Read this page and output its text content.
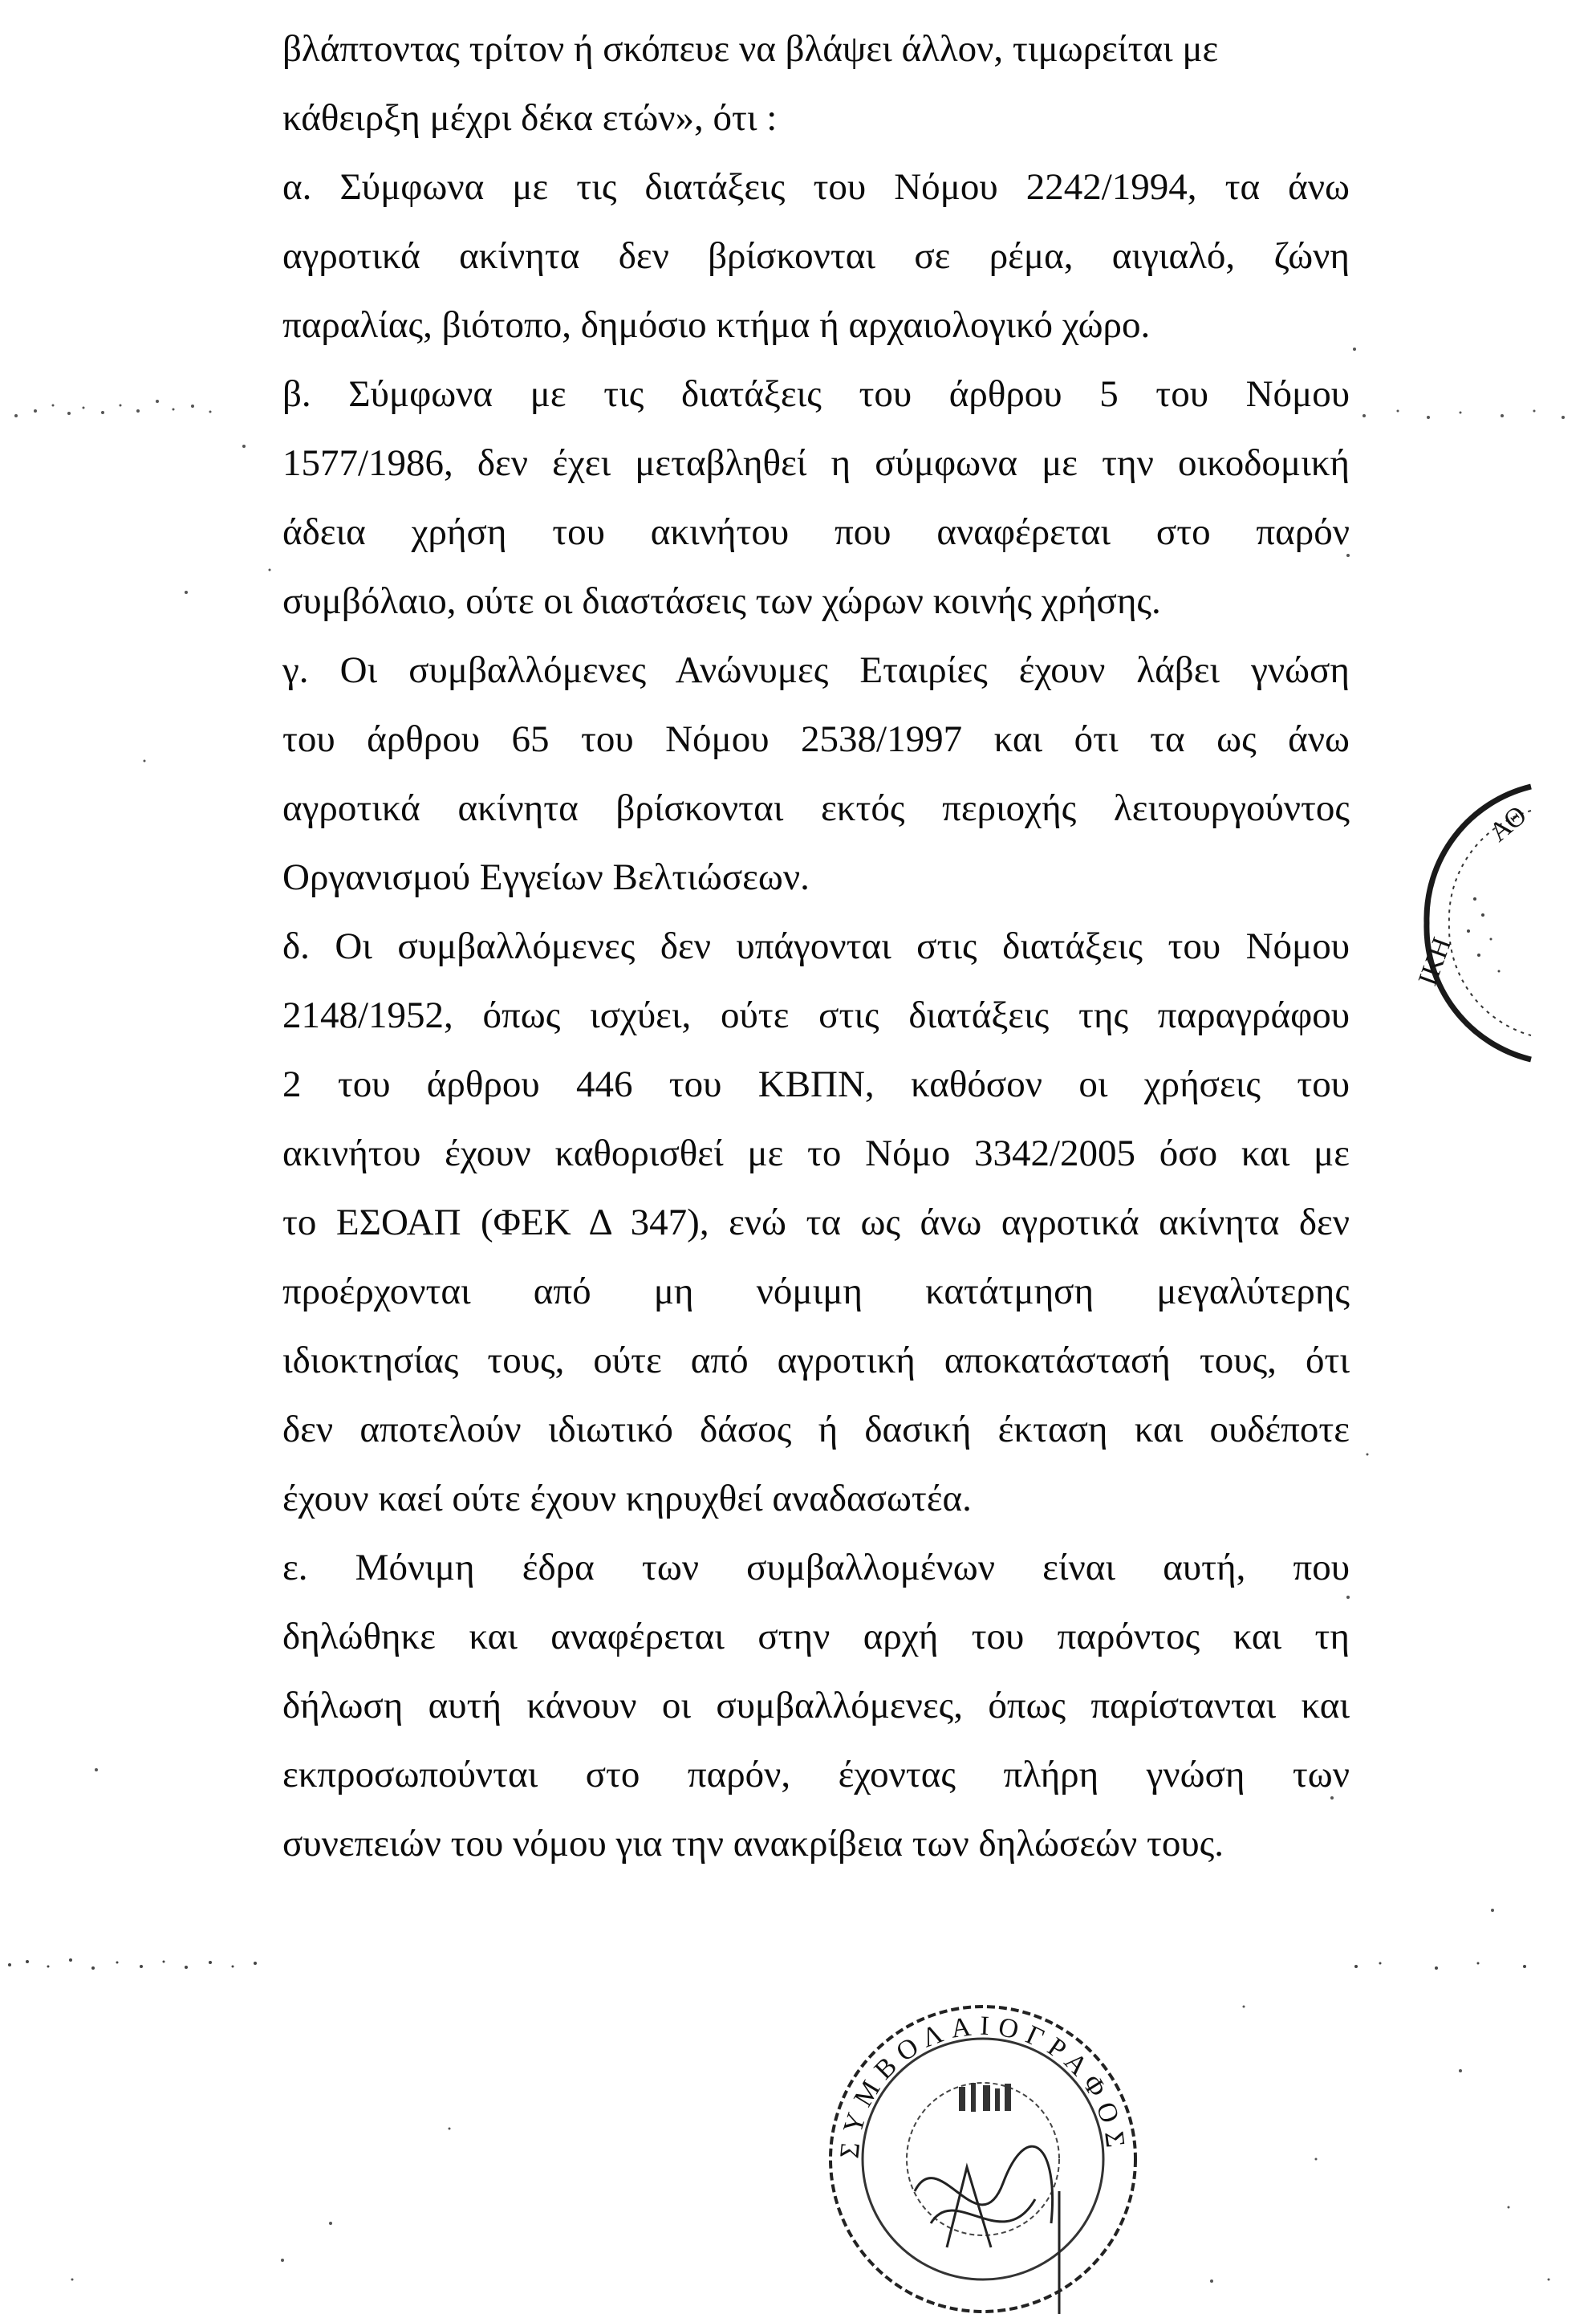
βλάπτοντας τρίτον ή σκόπευε να βλάψει άλλον, τιμωρείται με
κάθειρξη μέχρι δέκα ετών», ότι :
α. Σύμφωνα με τις διατάξεις του Νόμου 2242/1994, τα άνω
αγροτικά ακίνητα δεν βρίσκονται σε ρέμα, αιγιαλό, ζώνη
παραλίας, βιότοπο, δημόσιο κτήμα ή αρχαιολογικό χώρο.
β. Σύμφωνα με τις διατάξεις του άρθρου 5 του Νόμου
1577/1986, δεν έχει μεταβληθεί η σύμφωνα με την οικοδομική
άδεια χρήση του ακινήτου που αναφέρεται στο παρόν
συμβόλαιο, ούτε οι διαστάσεις των χώρων κοινής χρήσης.
γ. Οι συμβαλλόμενες Ανώνυμες Εταιρίες έχουν λάβει γνώση
του άρθρου 65 του Νόμου 2538/1997 και ότι τα ως άνω
αγροτικά ακίνητα βρίσκονται εκτός περιοχής λειτουργούντος
Οργανισμού Εγγείων Βελτιώσεων.
δ. Οι συμβαλλόμενες δεν υπάγονται στις διατάξεις του Νόμου
2148/1952, όπως ισχύει, ούτε στις διατάξεις της παραγράφου
2 του άρθρου 446 του ΚΒΠΝ, καθόσον οι χρήσεις του
ακινήτου έχουν καθορισθεί με το Νόμο 3342/2005 όσο και με
το ΕΣΟΑΠ (ΦΕΚ Δ 347), ενώ τα ως άνω αγροτικά ακίνητα δεν
προέρχονται από μη νόμιμη κατάτμηση μεγαλύτερης
ιδιοκτησίας τους, ούτε από αγροτική αποκατάστασή τους, ότι
δεν αποτελούν ιδιωτικό δάσος ή δασική έκταση και ουδέποτε
έχουν καεί ούτε έχουν κηρυχθεί αναδασωτέα.
ε. Μόνιμη έδρα των συμβαλλομένων είναι αυτή, που
δηλώθηκε και αναφέρεται στην αρχή του παρόντος και τη
δήλωση αυτή κάνουν οι συμβαλλόμενες, όπως παρίστανται και
εκπροσωπούνται στο παρόν, έχοντας πλήρη γνώση των
συνεπειών του νόμου για την ανακρίβεια των δηλώσεών τους.
ΙΚΗ
ΑΘ
ΣΥΜΒΟΛΑΙΟΓΡΑΦΟΣ
